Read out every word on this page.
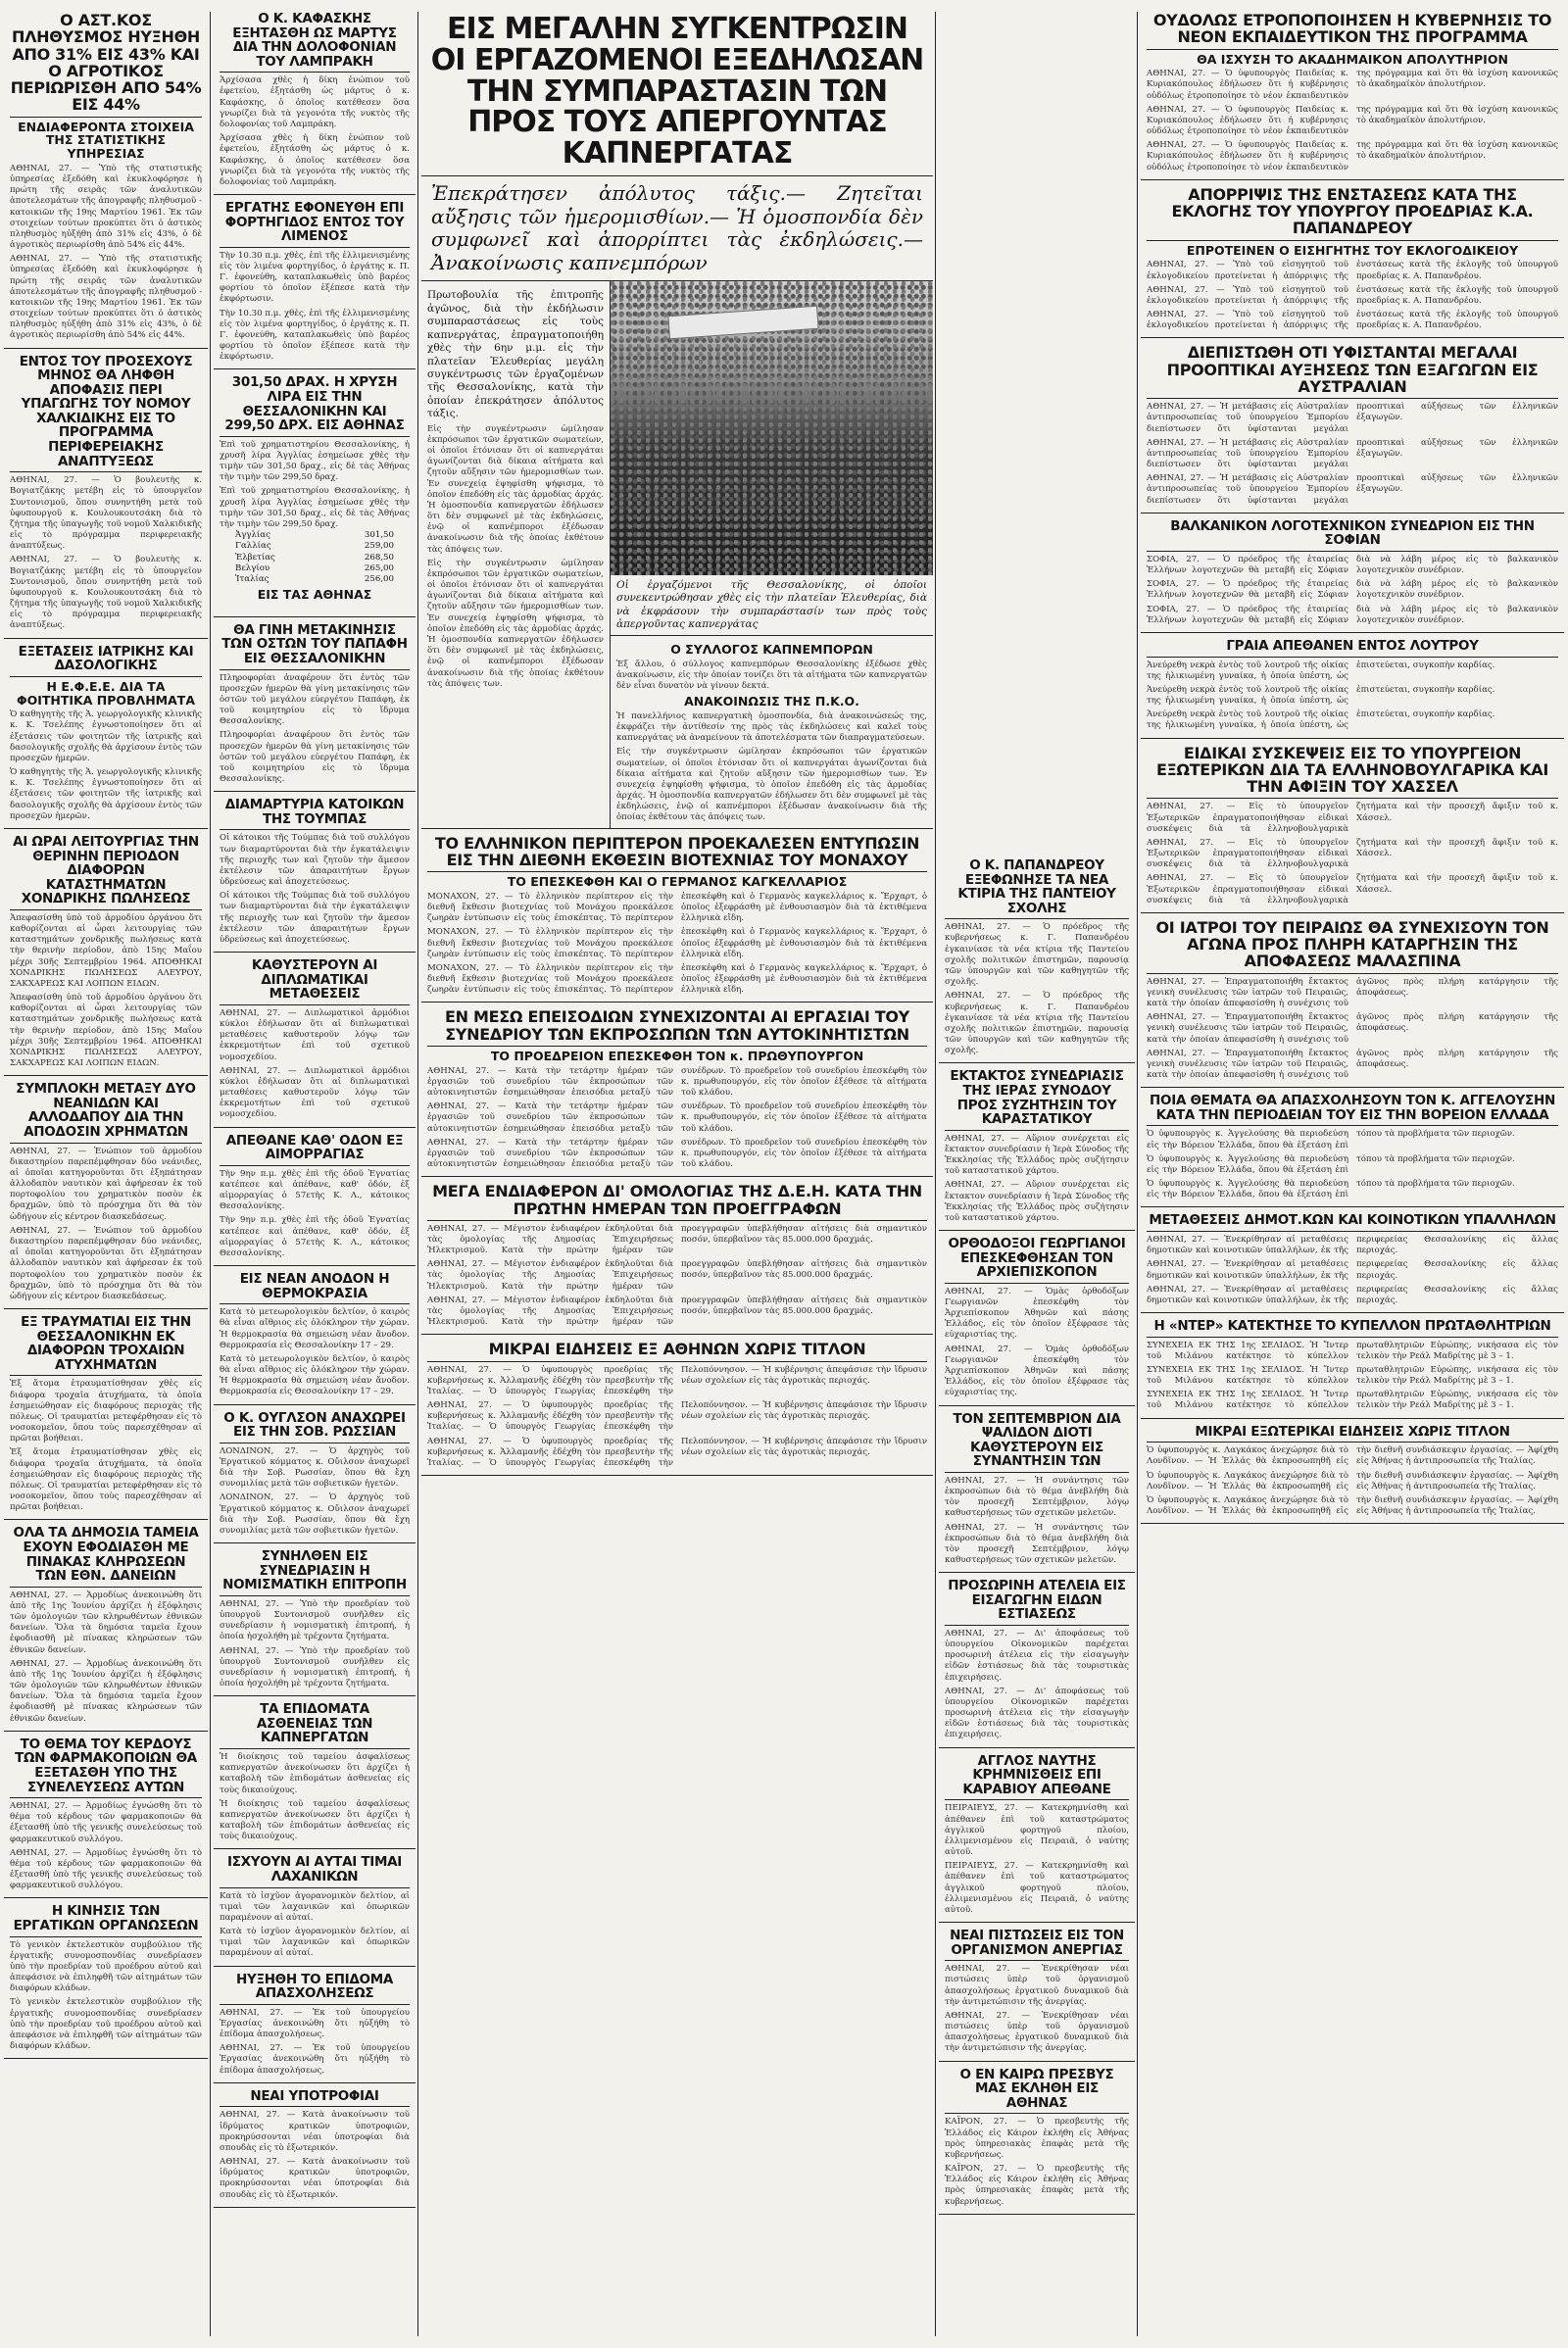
Ο ΑΣΤ.ΚΟΣ ΠΛΗΘΥΣΜΟΣ ΗΥΞΗΘΗ ΑΠΟ 31% ΕΙΣ 43% ΚΑΙ Ο ΑΓΡΟΤΙΚΟΣ ΠΕΡΙΩΡΙΣΘΗ ΑΠΟ 54% ΕΙΣ 44%
ΕΝΔΙΑΦΕΡΟΝΤΑ ΣΤΟΙΧΕΙΑ ΤΗΣ ΣΤΑΤΙΣΤΙΚΗΣ ΥΠΗΡΕΣΙΑΣ
ΑΘΗΝΑΙ, 27. — Ὑπὸ τῆς στατιστικῆς ὑπηρεσίας ἐξεδόθη καὶ ἐκυκλοφόρησε ἡ πρώτη τῆς σειρᾶς τῶν ἀναλυτικῶν ἀποτελεσμάτων τῆς ἀπογραφῆς πληθυσμοῦ - κατοικιῶν τῆς 19ης Μαρτίου 1961. Ἐκ τῶν στοιχείων τούτων προκύπτει ὅτι ὁ ἀστικὸς πληθυσμὸς ηὐξήθη ἀπὸ 31% εἰς 43%, ὁ δὲ ἀγροτικὸς περιωρίσθη ἀπὸ 54% εἰς 44%.
ΑΘΗΝΑΙ, 27. — Ὑπὸ τῆς στατιστικῆς ὑπηρεσίας ἐξεδόθη καὶ ἐκυκλοφόρησε ἡ πρώτη τῆς σειρᾶς τῶν ἀναλυτικῶν ἀποτελεσμάτων τῆς ἀπογραφῆς πληθυσμοῦ - κατοικιῶν τῆς 19ης Μαρτίου 1961. Ἐκ τῶν στοιχείων τούτων προκύπτει ὅτι ὁ ἀστικὸς πληθυσμὸς ηὐξήθη ἀπὸ 31% εἰς 43%, ὁ δὲ ἀγροτικὸς περιωρίσθη ἀπὸ 54% εἰς 44%.
ΕΝΤΟΣ ΤΟΥ ΠΡΟΣΕΧΟΥΣ ΜΗΝΟΣ ΘΑ ΛΗΦΘΗ ΑΠΟΦΑΣΙΣ ΠΕΡΙ ΥΠΑΓΩΓΗΣ ΤΟΥ ΝΟΜΟΥ ΧΑΛΚΙΔΙΚΗΣ ΕΙΣ ΤΟ ΠΡΟΓΡΑΜΜΑ ΠΕΡΙΦΕΡΕΙΑΚΗΣ ΑΝΑΠΤΥΞΕΩΣ
ΑΘΗΝΑΙ, 27. — Ὁ βουλευτὴς κ. Βογιατζάκης μετέβη εἰς τὸ ὑπουργεῖον Συντονισμοῦ, ὅπου συνηντήθη μετὰ τοῦ ὑφυπουργοῦ κ. Κουλουκουτσάκη διὰ τὸ ζήτημα τῆς ὑπαγωγῆς τοῦ νομοῦ Χαλκιδικῆς εἰς τὸ πρόγραμμα περιφερειακῆς ἀναπτύξεως.
ΑΘΗΝΑΙ, 27. — Ὁ βουλευτὴς κ. Βογιατζάκης μετέβη εἰς τὸ ὑπουργεῖον Συντονισμοῦ, ὅπου συνηντήθη μετὰ τοῦ ὑφυπουργοῦ κ. Κουλουκουτσάκη διὰ τὸ ζήτημα τῆς ὑπαγωγῆς τοῦ νομοῦ Χαλκιδικῆς εἰς τὸ πρόγραμμα περιφερειακῆς ἀναπτύξεως.
ΕΞΕΤΑΣΕΙΣ ΙΑΤΡΙΚΗΣ ΚΑΙ ΔΑΣΟΛΟΓΙΚΗΣ
Η Ε.Φ.Ε.Ε. ΔΙΑ ΤΑ ΦΟΙΤΗΤΙΚΑ ΠΡΟΒΛΗΜΑΤΑ
Ὁ καθηγητὴς τῆς Ἀ. γεωργολογικῆς κλινικῆς κ. Κ. Τσελέπης ἐγνωστοποίησεν ὅτι αἱ ἐξετάσεις τῶν φοιτητῶν τῆς ἰατρικῆς καὶ δασολογικῆς σχολῆς θὰ ἀρχίσουν ἐντὸς τῶν προσεχῶν ἡμερῶν.
Ὁ καθηγητὴς τῆς Ἀ. γεωργολογικῆς κλινικῆς κ. Κ. Τσελέπης ἐγνωστοποίησεν ὅτι αἱ ἐξετάσεις τῶν φοιτητῶν τῆς ἰατρικῆς καὶ δασολογικῆς σχολῆς θὰ ἀρχίσουν ἐντὸς τῶν προσεχῶν ἡμερῶν.
ΑΙ ΩΡΑΙ ΛΕΙΤΟΥΡΓΙΑΣ ΤΗΝ ΘΕΡΙΝΗΝ ΠΕΡΙΟΔΟΝ ΔΙΑΦΟΡΩΝ ΚΑΤΑΣΤΗΜΑΤΩΝ ΧΟΝΔΡΙΚΗΣ ΠΩΛΗΣΕΩΣ
Ἀπεφασίσθη ὑπὸ τοῦ ἀρμοδίου ὀργάνου ὅτι καθορίζονται αἱ ὧραι λειτουργίας τῶν καταστημάτων χονδρικῆς πωλήσεως κατὰ τὴν θερινὴν περίοδον, ἀπὸ 15ης Μαΐου μέχρι 30ῆς Σεπτεμβρίου 1964. ΑΠΟΘΗΚΑΙ ΧΟΝΔΡΙΚΗΣ ΠΩΛΗΣΕΩΣ ΑΛΕΥΡΟΥ, ΣΑΚΧΑΡΕΩΣ ΚΑΙ ΛΟΙΠΩΝ ΕΙΔΩΝ.
Ἀπεφασίσθη ὑπὸ τοῦ ἀρμοδίου ὀργάνου ὅτι καθορίζονται αἱ ὧραι λειτουργίας τῶν καταστημάτων χονδρικῆς πωλήσεως κατὰ τὴν θερινὴν περίοδον, ἀπὸ 15ης Μαΐου μέχρι 30ῆς Σεπτεμβρίου 1964. ΑΠΟΘΗΚΑΙ ΧΟΝΔΡΙΚΗΣ ΠΩΛΗΣΕΩΣ ΑΛΕΥΡΟΥ, ΣΑΚΧΑΡΕΩΣ ΚΑΙ ΛΟΙΠΩΝ ΕΙΔΩΝ.
ΣΥΜΠΛΟΚΗ ΜΕΤΑΞΥ ΔΥΟ ΝΕΑΝΙΔΩΝ ΚΑΙ ΑΛΛΟΔΑΠΟΥ ΔΙΑ ΤΗΝ ΑΠΟΔΟΣΙΝ ΧΡΗΜΑΤΩΝ
ΑΘΗΝΑΙ, 27. — Ἐνώπιον τοῦ ἀρμοδίου δικαστηρίου παρεπέμφθησαν δύο νεάνιδες, αἱ ὁποῖαι κατηγοροῦνται ὅτι ἐξηπάτησαν ἀλλοδαπὸν ναυτικὸν καὶ ἀφήρεσαν ἐκ τοῦ πορτοφολίου του χρηματικὸν ποσὸν ἐκ δραχμῶν, ὑπὸ τὸ πρόσχημα ὅτι θὰ τὸν ὡδήγουν εἰς κέντρον διασκεδάσεως.
ΑΘΗΝΑΙ, 27. — Ἐνώπιον τοῦ ἀρμοδίου δικαστηρίου παρεπέμφθησαν δύο νεάνιδες, αἱ ὁποῖαι κατηγοροῦνται ὅτι ἐξηπάτησαν ἀλλοδαπὸν ναυτικὸν καὶ ἀφήρεσαν ἐκ τοῦ πορτοφολίου του χρηματικὸν ποσὸν ἐκ δραχμῶν, ὑπὸ τὸ πρόσχημα ὅτι θὰ τὸν ὡδήγουν εἰς κέντρον διασκεδάσεως.
ΕΞ ΤΡΑΥΜΑΤΙΑΙ ΕΙΣ ΤΗΝ ΘΕΣΣΑΛΟΝΙΚΗΝ ΕΚ ΔΙΑΦΟΡΩΝ ΤΡΟΧΑΙΩΝ ΑΤΥΧΗΜΑΤΩΝ
Ἐξ ἄτομα ἐτραυματίσθησαν χθὲς εἰς διάφορα τροχαῖα ἀτυχήματα, τὰ ὁποῖα ἐσημειώθησαν εἰς διαφόρους περιοχὰς τῆς πόλεως. Οἱ τραυματίαι μετεφέρθησαν εἰς τὸ νοσοκομεῖον, ὅπου τοὺς παρεσχέθησαν αἱ πρῶται βοήθειαι.
Ἐξ ἄτομα ἐτραυματίσθησαν χθὲς εἰς διάφορα τροχαῖα ἀτυχήματα, τὰ ὁποῖα ἐσημειώθησαν εἰς διαφόρους περιοχὰς τῆς πόλεως. Οἱ τραυματίαι μετεφέρθησαν εἰς τὸ νοσοκομεῖον, ὅπου τοὺς παρεσχέθησαν αἱ πρῶται βοήθειαι.
ΟΛΑ ΤΑ ΔΗΜΟΣΙΑ ΤΑΜΕΙΑ ΕΧΟΥΝ ΕΦΟΔΙΑΣΘΗ ΜΕ ΠΙΝΑΚΑΣ ΚΛΗΡΩΣΕΩΝ ΤΩΝ ΕΘΝ. ΔΑΝΕΙΩΝ
ΑΘΗΝΑΙ, 27. — Ἀρμοδίως ἀνεκοινώθη ὅτι ἀπὸ τῆς 1ης Ἰουνίου ἀρχίζει ἡ ἐξόφλησις τῶν ὁμολογιῶν τῶν κληρωθέντων ἐθνικῶν δανείων. Ὅλα τὰ δημόσια ταμεῖα ἔχουν ἐφοδιασθῆ μὲ πίνακας κληρώσεων τῶν ἐθνικῶν δανείων.
ΑΘΗΝΑΙ, 27. — Ἀρμοδίως ἀνεκοινώθη ὅτι ἀπὸ τῆς 1ης Ἰουνίου ἀρχίζει ἡ ἐξόφλησις τῶν ὁμολογιῶν τῶν κληρωθέντων ἐθνικῶν δανείων. Ὅλα τὰ δημόσια ταμεῖα ἔχουν ἐφοδιασθῆ μὲ πίνακας κληρώσεων τῶν ἐθνικῶν δανείων.
ΤΟ ΘΕΜΑ ΤΟΥ ΚΕΡΔΟΥΣ ΤΩΝ ΦΑΡΜΑΚΟΠΟΙΩΝ ΘΑ ΕΞΕΤΑΣΘΗ ΥΠΟ ΤΗΣ ΣΥΝΕΛΕΥΣΕΩΣ ΑΥΤΩΝ
ΑΘΗΝΑΙ, 27. — Ἀρμοδίως ἐγνώσθη ὅτι τὸ θέμα τοῦ κέρδους τῶν φαρμακοποιῶν θὰ ἐξετασθῆ ὑπὸ τῆς γενικῆς συνελεύσεως τοῦ φαρμακευτικοῦ συλλόγου.
ΑΘΗΝΑΙ, 27. — Ἀρμοδίως ἐγνώσθη ὅτι τὸ θέμα τοῦ κέρδους τῶν φαρμακοποιῶν θὰ ἐξετασθῆ ὑπὸ τῆς γενικῆς συνελεύσεως τοῦ φαρμακευτικοῦ συλλόγου.
Η ΚΙΝΗΣΙΣ ΤΩΝ ΕΡΓΑΤΙΚΩΝ ΟΡΓΑΝΩΣΕΩΝ
Τὸ γενικὸν ἐκτελεστικὸν συμβούλιον τῆς ἐργατικῆς συνομοσπονδίας συνεδρίασεν ὑπὸ τὴν προεδρίαν τοῦ προέδρου αὐτοῦ καὶ ἀπεφάσισε νὰ ἐπιληφθῆ τῶν αἰτημάτων τῶν διαφόρων κλάδων.
Τὸ γενικὸν ἐκτελεστικὸν συμβούλιον τῆς ἐργατικῆς συνομοσπονδίας συνεδρίασεν ὑπὸ τὴν προεδρίαν τοῦ προέδρου αὐτοῦ καὶ ἀπεφάσισε νὰ ἐπιληφθῆ τῶν αἰτημάτων τῶν διαφόρων κλάδων.
Ο Κ. ΚΑΦΑΣΚΗΣ ΕΞΗΤΑΣΘΗ ΩΣ ΜΑΡΤΥΣ ΔΙΑ ΤΗΝ ΔΟΛΟΦΟΝΙΑΝ ΤΟΥ ΛΑΜΠΡΑΚΗ
Ἀρχίσασα χθὲς ἡ δίκη ἐνώπιον τοῦ ἐφετείου, ἐξητάσθη ὡς μάρτυς ὁ κ. Καφάσκης, ὁ ὁποῖος κατέθεσεν ὅσα γνωρίζει διὰ τὰ γεγονότα τῆς νυκτὸς τῆς δολοφονίας τοῦ Λαμπράκη.
Ἀρχίσασα χθὲς ἡ δίκη ἐνώπιον τοῦ ἐφετείου, ἐξητάσθη ὡς μάρτυς ὁ κ. Καφάσκης, ὁ ὁποῖος κατέθεσεν ὅσα γνωρίζει διὰ τὰ γεγονότα τῆς νυκτὸς τῆς δολοφονίας τοῦ Λαμπράκη.
ΕΡΓΑΤΗΣ ΕΦΟΝΕΥΘΗ ΕΠΙ ΦΟΡΤΗΓΙΔΟΣ ΕΝΤΟΣ ΤΟΥ ΛΙΜΕΝΟΣ
Τὴν 10.30 π.μ. χθὲς, ἐπὶ τῆς ἐλλιμενισμένης εἰς τὸν λιμένα φορτηγίδος, ὁ ἐργάτης κ. Π. Γ. ἐφονεύθη, καταπλακωθεὶς ὑπὸ βαρέος φορτίου τὸ ὁποῖον ἐξέπεσε κατὰ τὴν ἐκφόρτωσιν.
Τὴν 10.30 π.μ. χθὲς, ἐπὶ τῆς ἐλλιμενισμένης εἰς τὸν λιμένα φορτηγίδος, ὁ ἐργάτης κ. Π. Γ. ἐφονεύθη, καταπλακωθεὶς ὑπὸ βαρέος φορτίου τὸ ὁποῖον ἐξέπεσε κατὰ τὴν ἐκφόρτωσιν.
301,50 ΔΡΑΧ. Η ΧΡΥΣΗ ΛΙΡΑ ΕΙΣ ΤΗΝ ΘΕΣΣΑΛΟΝΙΚΗΝ ΚΑΙ 299,50 ΔΡΧ. ΕΙΣ ΑΘΗΝΑΣ
Ἐπὶ τοῦ χρηματιστηρίου Θεσσαλονίκης, ἡ χρυσῆ λίρα Ἀγγλίας ἐσημείωσε χθὲς τὴν τιμὴν τῶν 301,50 δραχ., εἰς δὲ τὰς Ἀθήνας τὴν τιμὴν τῶν 299,50 δραχ.
Ἐπὶ τοῦ χρηματιστηρίου Θεσσαλονίκης, ἡ χρυσῆ λίρα Ἀγγλίας ἐσημείωσε χθὲς τὴν τιμὴν τῶν 301,50 δραχ., εἰς δὲ τὰς Ἀθήνας τὴν τιμὴν τῶν 299,50 δραχ.
Ἀγγλίας	301,50
Γαλλίας	259,00
Ἑλβετίας	268,50
Βελγίου	265,00
Ἰταλίας	256,00
ΕΙΣ ΤΑΣ ΑΘΗΝΑΣ
ΘΑ ΓΙΝΗ ΜΕΤΑΚΙΝΗΣΙΣ ΤΩΝ ΟΣΤΩΝ ΤΟΥ ΠΑΠΑΦΗ ΕΙΣ ΘΕΣΣΑΛΟΝΙΚΗΝ
Πληροφορίαι ἀναφέρουν ὅτι ἐντὸς τῶν προσεχῶν ἡμερῶν θὰ γίνη μετακίνησις τῶν ὀστῶν τοῦ μεγάλου εὐεργέτου Παπάφη, ἐκ τοῦ κοιμητηρίου εἰς τὸ ἵδρυμα Θεσσαλονίκης.
Πληροφορίαι ἀναφέρουν ὅτι ἐντὸς τῶν προσεχῶν ἡμερῶν θὰ γίνη μετακίνησις τῶν ὀστῶν τοῦ μεγάλου εὐεργέτου Παπάφη, ἐκ τοῦ κοιμητηρίου εἰς τὸ ἵδρυμα Θεσσαλονίκης.
ΔΙΑΜΑΡΤΥΡΙΑ ΚΑΤΟΙΚΩΝ ΤΗΣ ΤΟΥΜΠΑΣ
Οἱ κάτοικοι τῆς Τούμπας διὰ τοῦ συλλόγου των διαμαρτύρονται διὰ τὴν ἐγκατάλειψιν τῆς περιοχῆς των καὶ ζητοῦν τὴν ἄμεσον ἐκτέλεσιν τῶν ἀπαραιτήτων ἔργων ὑδρεύσεως καὶ ἀποχετεύσεως.
Οἱ κάτοικοι τῆς Τούμπας διὰ τοῦ συλλόγου των διαμαρτύρονται διὰ τὴν ἐγκατάλειψιν τῆς περιοχῆς των καὶ ζητοῦν τὴν ἄμεσον ἐκτέλεσιν τῶν ἀπαραιτήτων ἔργων ὑδρεύσεως καὶ ἀποχετεύσεως.
ΚΑΘΥΣΤΕΡΟΥΝ ΑΙ ΔΙΠΛΩΜΑΤΙΚΑΙ ΜΕΤΑΘΕΣΕΙΣ
ΑΘΗΝΑΙ, 27. — Διπλωματικοὶ ἀρμόδιοι κύκλοι ἐδήλωσαν ὅτι αἱ διπλωματικαὶ μεταθέσεις καθυστεροῦν λόγῳ τῶν ἐκκρεμοτήτων ἐπὶ τοῦ σχετικοῦ νομοσχεδίου.
ΑΘΗΝΑΙ, 27. — Διπλωματικοὶ ἀρμόδιοι κύκλοι ἐδήλωσαν ὅτι αἱ διπλωματικαὶ μεταθέσεις καθυστεροῦν λόγῳ τῶν ἐκκρεμοτήτων ἐπὶ τοῦ σχετικοῦ νομοσχεδίου.
ΑΠΕΘΑΝΕ ΚΑΘ' ΟΔΟΝ ΕΞ ΑΙΜΟΡΡΑΓΙΑΣ
Τὴν 9ην π.μ. χθὲς ἐπὶ τῆς ὁδοῦ Ἐγνατίας κατέπεσε καὶ ἀπέθανε, καθ' ὁδόν, ἐξ αἱμορραγίας ὁ 57ετὴς Κ. Λ., κάτοικος Θεσσαλονίκης.
Τὴν 9ην π.μ. χθὲς ἐπὶ τῆς ὁδοῦ Ἐγνατίας κατέπεσε καὶ ἀπέθανε, καθ' ὁδόν, ἐξ αἱμορραγίας ὁ 57ετὴς Κ. Λ., κάτοικος Θεσσαλονίκης.
ΕΙΣ ΝΕΑΝ ΑΝΟΔΟΝ Η ΘΕΡΜΟΚΡΑΣΙΑ
Κατὰ τὸ μετεωρολογικὸν δελτίον, ὁ καιρὸς θὰ εἶναι αἴθριος εἰς ὁλόκληρον τὴν χώραν. Ἡ θερμοκρασία θὰ σημειώση νέαν ἄνοδον. Θερμοκρασία εἰς Θεσσαλονίκην 17 – 29.
Κατὰ τὸ μετεωρολογικὸν δελτίον, ὁ καιρὸς θὰ εἶναι αἴθριος εἰς ὁλόκληρον τὴν χώραν. Ἡ θερμοκρασία θὰ σημειώση νέαν ἄνοδον. Θερμοκρασία εἰς Θεσσαλονίκην 17 – 29.
Ο Κ. ΟΥΓΛΣΟΝ ΑΝΑΧΩΡΕΙ ΕΙΣ ΤΗΝ ΣΟΒ. ΡΩΣΣΙΑΝ
ΛΟΝΔΙΝΟΝ, 27. — Ὁ ἀρχηγὸς τοῦ Ἐργατικοῦ κόμματος κ. Οὔιλσον ἀναχωρεῖ διὰ τὴν Σοβ. Ρωσσίαν, ὅπου θὰ ἔχη συνομιλίας μετὰ τῶν σοβιετικῶν ἡγετῶν.
ΛΟΝΔΙΝΟΝ, 27. — Ὁ ἀρχηγὸς τοῦ Ἐργατικοῦ κόμματος κ. Οὔιλσον ἀναχωρεῖ διὰ τὴν Σοβ. Ρωσσίαν, ὅπου θὰ ἔχη συνομιλίας μετὰ τῶν σοβιετικῶν ἡγετῶν.
ΣΥΝΗΛΘΕΝ ΕΙΣ ΣΥΝΕΔΡΙΑΣΙΝ Η ΝΟΜΙΣΜΑΤΙΚΗ ΕΠΙΤΡΟΠΗ
ΑΘΗΝΑΙ, 27. — Ὑπὸ τὴν προεδρίαν τοῦ ὑπουργοῦ Συντονισμοῦ συνῆλθεν εἰς συνεδρίασιν ἡ νομισματικὴ ἐπιτροπή, ἡ ὁποία ἠσχολήθη μὲ τρέχοντα ζητήματα.
ΑΘΗΝΑΙ, 27. — Ὑπὸ τὴν προεδρίαν τοῦ ὑπουργοῦ Συντονισμοῦ συνῆλθεν εἰς συνεδρίασιν ἡ νομισματικὴ ἐπιτροπή, ἡ ὁποία ἠσχολήθη μὲ τρέχοντα ζητήματα.
ΤΑ ΕΠΙΔΟΜΑΤΑ ΑΣΘΕΝΕΙΑΣ ΤΩΝ ΚΑΠΝΕΡΓΑΤΩΝ
Ἡ διοίκησις τοῦ ταμείου ἀσφαλίσεως καπνεργατῶν ἀνεκοίνωσεν ὅτι ἀρχίζει ἡ καταβολὴ τῶν ἐπιδομάτων ἀσθενείας εἰς τοὺς δικαιούχους.
Ἡ διοίκησις τοῦ ταμείου ἀσφαλίσεως καπνεργατῶν ἀνεκοίνωσεν ὅτι ἀρχίζει ἡ καταβολὴ τῶν ἐπιδομάτων ἀσθενείας εἰς τοὺς δικαιούχους.
ΙΣΧΥΟΥΝ ΑΙ ΑΥΤΑΙ ΤΙΜΑΙ ΛΑΧΑΝΙΚΩΝ
Κατὰ τὸ ἰσχῦον ἀγορανομικὸν δελτίον, αἱ τιμαὶ τῶν λαχανικῶν καὶ ὀπωρικῶν παραμένουν αἱ αὐταί.
Κατὰ τὸ ἰσχῦον ἀγορανομικὸν δελτίον, αἱ τιμαὶ τῶν λαχανικῶν καὶ ὀπωρικῶν παραμένουν αἱ αὐταί.
ΗΥΞΗΘΗ ΤΟ ΕΠΙΔΟΜΑ ΑΠΑΣΧΟΛΗΣΕΩΣ
ΑΘΗΝΑΙ, 27. — Ἐκ τοῦ ὑπουργείου Ἐργασίας ἀνεκοινώθη ὅτι ηὐξήθη τὸ ἐπίδομα ἀπασχολήσεως.
ΑΘΗΝΑΙ, 27. — Ἐκ τοῦ ὑπουργείου Ἐργασίας ἀνεκοινώθη ὅτι ηὐξήθη τὸ ἐπίδομα ἀπασχολήσεως.
ΝΕΑΙ ΥΠΟΤΡΟΦΙΑΙ
ΑΘΗΝΑΙ, 27. — Κατὰ ἀνακοίνωσιν τοῦ ἱδρύματος κρατικῶν ὑποτροφιῶν, προκηρύσσονται νέαι ὑποτροφίαι διὰ σπουδὰς εἰς τὸ ἐξωτερικόν.
ΑΘΗΝΑΙ, 27. — Κατὰ ἀνακοίνωσιν τοῦ ἱδρύματος κρατικῶν ὑποτροφιῶν, προκηρύσσονται νέαι ὑποτροφίαι διὰ σπουδὰς εἰς τὸ ἐξωτερικόν.
ΕΙΣ ΜΕΓΑΛΗΝ ΣΥΓΚΕΝΤΡΩΣΙΝ ΟΙ ΕΡΓΑΖΟΜΕΝΟΙ ΕΞΕΔΗΛΩΣΑΝ ΤΗΝ ΣΥΜΠΑΡΑΣΤΑΣΙΝ ΤΩΝ ΠΡΟΣ ΤΟΥΣ ΑΠΕΡΓΟΥΝΤΑΣ ΚΑΠΝΕΡΓΑΤΑΣ
Ἐπεκράτησεν ἀπόλυτος τάξις.— Ζητεῖται αὔξησις τῶν ἡμερομισθίων.— Ἡ ὁμοσπονδία δὲν συμφωνεῖ καὶ ἀπορρίπτει τὰς ἐκδηλώσεις.— Ἀνακοίνωσις καπνεμπόρων
Πρωτοβουλία τῆς ἐπιτροπῆς ἀγῶνος, διὰ τὴν ἐκδήλωσιν συμπαραστάσεως εἰς τοὺς καπνεργάτας, ἐπραγματοποιήθη χθὲς τὴν 6ην μ.μ. εἰς τὴν πλατεῖαν Ἐλευθερίας μεγάλη συγκέντρωσις τῶν ἐργαζομένων τῆς Θεσσαλονίκης, κατὰ τὴν ὁποίαν ἐπεκράτησεν ἀπόλυτος τάξις.
Εἰς τὴν συγκέντρωσιν ὡμίλησαν ἐκπρόσωποι τῶν ἐργατικῶν σωματείων, οἱ ὁποῖοι ἐτόνισαν ὅτι οἱ καπνεργάται ἀγωνίζονται διὰ δίκαια αἰτήματα καὶ ζητοῦν αὔξησιν τῶν ἡμερομισθίων των. Ἐν συνεχείᾳ ἐψηφίσθη ψήφισμα, τὸ ὁποῖον ἐπεδόθη εἰς τὰς ἀρμοδίας ἀρχάς. Ἡ ὁμοσπονδία καπνεργατῶν ἐδήλωσεν ὅτι δὲν συμφωνεῖ μὲ τὰς ἐκδηλώσεις, ἐνῷ οἱ καπνέμποροι ἐξέδωσαν ἀνακοίνωσιν διὰ τῆς ὁποίας ἐκθέτουν τὰς ἀπόψεις των.
Εἰς τὴν συγκέντρωσιν ὡμίλησαν ἐκπρόσωποι τῶν ἐργατικῶν σωματείων, οἱ ὁποῖοι ἐτόνισαν ὅτι οἱ καπνεργάται ἀγωνίζονται διὰ δίκαια αἰτήματα καὶ ζητοῦν αὔξησιν τῶν ἡμερομισθίων των. Ἐν συνεχείᾳ ἐψηφίσθη ψήφισμα, τὸ ὁποῖον ἐπεδόθη εἰς τὰς ἀρμοδίας ἀρχάς. Ἡ ὁμοσπονδία καπνεργατῶν ἐδήλωσεν ὅτι δὲν συμφωνεῖ μὲ τὰς ἐκδηλώσεις, ἐνῷ οἱ καπνέμποροι ἐξέδωσαν ἀνακοίνωσιν διὰ τῆς ὁποίας ἐκθέτουν τὰς ἀπόψεις των.
Οἱ ἐργαζόμενοι τῆς Θεσσαλονίκης, οἱ ὁποῖοι συνεκεντρώθησαν χθὲς εἰς τὴν πλατεῖαν Ἐλευθερίας, διὰ νὰ ἐκφράσουν τὴν συμπαράστασίν των πρὸς τοὺς ἀπεργοῦντας καπνεργάτας
Ο ΣΥΛΛΟΓΟΣ ΚΑΠΝΕΜΠΟΡΩΝ
Ἐξ ἄλλου, ὁ σύλλογος καπνεμπόρων Θεσσαλονίκης ἐξέδωσε χθὲς ἀνακοίνωσιν, εἰς τὴν ὁποίαν τονίζει ὅτι τὰ αἰτήματα τῶν καπνεργατῶν δὲν εἶναι δυνατὸν νὰ γίνουν δεκτά.
ΑΝΑΚΟΙΝΩΣΙΣ ΤΗΣ Π.Κ.Ο.
Ἡ πανελλήνιος καπνεργατικὴ ὁμοσπονδία, διὰ ἀνακοινώσεώς της, ἐκφράζει τὴν ἀντίθεσίν της πρὸς τὰς ἐκδηλώσεις καὶ καλεῖ τοὺς καπνεργάτας νὰ ἀναμείνουν τὰ ἀποτελέσματα τῶν διαπραγματεύσεων.
Εἰς τὴν συγκέντρωσιν ὡμίλησαν ἐκπρόσωποι τῶν ἐργατικῶν σωματείων, οἱ ὁποῖοι ἐτόνισαν ὅτι οἱ καπνεργάται ἀγωνίζονται διὰ δίκαια αἰτήματα καὶ ζητοῦν αὔξησιν τῶν ἡμερομισθίων των. Ἐν συνεχείᾳ ἐψηφίσθη ψήφισμα, τὸ ὁποῖον ἐπεδόθη εἰς τὰς ἀρμοδίας ἀρχάς. Ἡ ὁμοσπονδία καπνεργατῶν ἐδήλωσεν ὅτι δὲν συμφωνεῖ μὲ τὰς ἐκδηλώσεις, ἐνῷ οἱ καπνέμποροι ἐξέδωσαν ἀνακοίνωσιν διὰ τῆς ὁποίας ἐκθέτουν τὰς ἀπόψεις των.
ΤΟ ΕΛΛΗΝΙΚΟΝ ΠΕΡΙΠΤΕΡΟΝ ΠΡΟΕΚΑΛΕΣΕΝ ΕΝΤΥΠΩΣΙΝ ΕΙΣ ΤΗΝ ΔΙΕΘΝΗ ΕΚΘΕΣΙΝ ΒΙΟΤΕΧΝΙΑΣ ΤΟΥ ΜΟΝΑΧΟΥ
ΤΟ ΕΠΕΣΚΕΦΘΗ ΚΑΙ Ο ΓΕΡΜΑΝΟΣ ΚΑΓΚΕΛΛΑΡΙΟΣ
ΜΟΝΑΧΟΝ, 27. — Τὸ ἑλληνικὸν περίπτερον εἰς τὴν διεθνῆ ἔκθεσιν βιοτεχνίας τοῦ Μονάχου προεκάλεσε ζωηρὰν ἐντύπωσιν εἰς τοὺς ἐπισκέπτας. Τὸ περίπτερον ἐπεσκέφθη καὶ ὁ Γερμανὸς καγκελλάριος κ. Ἔρχαρτ, ὁ ὁποῖος ἐξεφράσθη μὲ ἐνθουσιασμὸν διὰ τὰ ἐκτιθέμενα ἑλληνικὰ εἴδη.
ΜΟΝΑΧΟΝ, 27. — Τὸ ἑλληνικὸν περίπτερον εἰς τὴν διεθνῆ ἔκθεσιν βιοτεχνίας τοῦ Μονάχου προεκάλεσε ζωηρὰν ἐντύπωσιν εἰς τοὺς ἐπισκέπτας. Τὸ περίπτερον ἐπεσκέφθη καὶ ὁ Γερμανὸς καγκελλάριος κ. Ἔρχαρτ, ὁ ὁποῖος ἐξεφράσθη μὲ ἐνθουσιασμὸν διὰ τὰ ἐκτιθέμενα ἑλληνικὰ εἴδη.
ΜΟΝΑΧΟΝ, 27. — Τὸ ἑλληνικὸν περίπτερον εἰς τὴν διεθνῆ ἔκθεσιν βιοτεχνίας τοῦ Μονάχου προεκάλεσε ζωηρὰν ἐντύπωσιν εἰς τοὺς ἐπισκέπτας. Τὸ περίπτερον ἐπεσκέφθη καὶ ὁ Γερμανὸς καγκελλάριος κ. Ἔρχαρτ, ὁ ὁποῖος ἐξεφράσθη μὲ ἐνθουσιασμὸν διὰ τὰ ἐκτιθέμενα ἑλληνικὰ εἴδη.
ΕΝ ΜΕΣΩ ΕΠΕΙΣΟΔΙΩΝ ΣΥΝΕΧΙΖΟΝΤΑΙ ΑΙ ΕΡΓΑΣΙΑΙ ΤΟΥ ΣΥΝΕΔΡΙΟΥ ΤΩΝ ΕΚΠΡΟΣΩΠΩΝ ΤΩΝ ΑΥΤΟΚΙΝΗΤΙΣΤΩΝ
ΤΟ ΠΡΟΕΔΡΕΙΟΝ ΕΠΕΣΚΕΦΘΗ ΤΟΝ κ. ΠΡΩΘΥΠΟΥΡΓΟΝ
ΑΘΗΝΑΙ, 27. — Κατὰ τὴν τετάρτην ἡμέραν τῶν ἐργασιῶν τοῦ συνεδρίου τῶν ἐκπροσώπων τῶν αὐτοκινητιστῶν ἐσημειώθησαν ἐπεισόδια μεταξὺ τῶν συνέδρων. Τὸ προεδρεῖον τοῦ συνεδρίου ἐπεσκέφθη τὸν κ. πρωθυπουργόν, εἰς τὸν ὁποῖον ἐξέθεσε τὰ αἰτήματα τοῦ κλάδου.
ΑΘΗΝΑΙ, 27. — Κατὰ τὴν τετάρτην ἡμέραν τῶν ἐργασιῶν τοῦ συνεδρίου τῶν ἐκπροσώπων τῶν αὐτοκινητιστῶν ἐσημειώθησαν ἐπεισόδια μεταξὺ τῶν συνέδρων. Τὸ προεδρεῖον τοῦ συνεδρίου ἐπεσκέφθη τὸν κ. πρωθυπουργόν, εἰς τὸν ὁποῖον ἐξέθεσε τὰ αἰτήματα τοῦ κλάδου.
ΑΘΗΝΑΙ, 27. — Κατὰ τὴν τετάρτην ἡμέραν τῶν ἐργασιῶν τοῦ συνεδρίου τῶν ἐκπροσώπων τῶν αὐτοκινητιστῶν ἐσημειώθησαν ἐπεισόδια μεταξὺ τῶν συνέδρων. Τὸ προεδρεῖον τοῦ συνεδρίου ἐπεσκέφθη τὸν κ. πρωθυπουργόν, εἰς τὸν ὁποῖον ἐξέθεσε τὰ αἰτήματα τοῦ κλάδου.
ΜΕΓΑ ΕΝΔΙΑΦΕΡΟΝ ΔΙ' ΟΜΟΛΟΓΙΑΣ ΤΗΣ Δ.Ε.Η. ΚΑΤΑ ΤΗΝ ΠΡΩΤΗΝ ΗΜΕΡΑΝ ΤΩΝ ΠΡΟΕΓΓΡΑΦΩΝ
ΑΘΗΝΑΙ, 27. — Μέγιστον ἐνδιαφέρον ἐκδηλοῦται διὰ τὰς ὁμολογίας τῆς Δημοσίας Ἐπιχειρήσεως Ἠλεκτρισμοῦ. Κατὰ τὴν πρώτην ἡμέραν τῶν προεγγραφῶν ὑπεβλήθησαν αἰτήσεις διὰ σημαντικὸν ποσόν, ὑπερβαῖνον τὰς 85.000.000 δραχμάς.
ΑΘΗΝΑΙ, 27. — Μέγιστον ἐνδιαφέρον ἐκδηλοῦται διὰ τὰς ὁμολογίας τῆς Δημοσίας Ἐπιχειρήσεως Ἠλεκτρισμοῦ. Κατὰ τὴν πρώτην ἡμέραν τῶν προεγγραφῶν ὑπεβλήθησαν αἰτήσεις διὰ σημαντικὸν ποσόν, ὑπερβαῖνον τὰς 85.000.000 δραχμάς.
ΑΘΗΝΑΙ, 27. — Μέγιστον ἐνδιαφέρον ἐκδηλοῦται διὰ τὰς ὁμολογίας τῆς Δημοσίας Ἐπιχειρήσεως Ἠλεκτρισμοῦ. Κατὰ τὴν πρώτην ἡμέραν τῶν προεγγραφῶν ὑπεβλήθησαν αἰτήσεις διὰ σημαντικὸν ποσόν, ὑπερβαῖνον τὰς 85.000.000 δραχμάς.
ΜΙΚΡΑΙ ΕΙΔΗΣΕΙΣ ΕΞ ΑΘΗΝΩΝ ΧΩΡΙΣ ΤΙΤΛΟΝ
ΑΘΗΝΑΙ, 27. — Ὁ ὑφυπουργὸς προεδρίας τῆς κυβερνήσεως κ. Ἀλλαμανῆς ἐδέχθη τὸν πρεσβευτὴν τῆς Ἱταλίας. — Ὁ ὑπουργὸς Γεωργίας ἐπεσκέφθη τὴν Πελοπόννησον. — Ἡ κυβέρνησις ἀπεφάσισε τὴν ἵδρυσιν νέων σχολείων εἰς τὰς ἀγροτικὰς περιοχάς.
ΑΘΗΝΑΙ, 27. — Ὁ ὑφυπουργὸς προεδρίας τῆς κυβερνήσεως κ. Ἀλλαμανῆς ἐδέχθη τὸν πρεσβευτὴν τῆς Ἱταλίας. — Ὁ ὑπουργὸς Γεωργίας ἐπεσκέφθη τὴν Πελοπόννησον. — Ἡ κυβέρνησις ἀπεφάσισε τὴν ἵδρυσιν νέων σχολείων εἰς τὰς ἀγροτικὰς περιοχάς.
ΑΘΗΝΑΙ, 27. — Ὁ ὑφυπουργὸς προεδρίας τῆς κυβερνήσεως κ. Ἀλλαμανῆς ἐδέχθη τὸν πρεσβευτὴν τῆς Ἱταλίας. — Ὁ ὑπουργὸς Γεωργίας ἐπεσκέφθη τὴν Πελοπόννησον. — Ἡ κυβέρνησις ἀπεφάσισε τὴν ἵδρυσιν νέων σχολείων εἰς τὰς ἀγροτικὰς περιοχάς.
Ο Κ. ΠΑΠΑΝΔΡΕΟΥ ΕΞΕΦΩΝΗΣΕ ΤΑ ΝΕΑ ΚΤΙΡΙΑ ΤΗΣ ΠΑΝΤΕΙΟΥ ΣΧΟΛΗΣ
ΑΘΗΝΑΙ, 27. — Ὁ πρόεδρος τῆς κυβερνήσεως κ. Γ. Παπανδρέου ἐγκαινίασε τὰ νέα κτίρια τῆς Παντείου σχολῆς πολιτικῶν ἐπιστημῶν, παρουσίᾳ τῶν ὑπουργῶν καὶ τῶν καθηγητῶν τῆς σχολῆς.
ΑΘΗΝΑΙ, 27. — Ὁ πρόεδρος τῆς κυβερνήσεως κ. Γ. Παπανδρέου ἐγκαινίασε τὰ νέα κτίρια τῆς Παντείου σχολῆς πολιτικῶν ἐπιστημῶν, παρουσίᾳ τῶν ὑπουργῶν καὶ τῶν καθηγητῶν τῆς σχολῆς.
ΕΚΤΑΚΤΟΣ ΣΥΝΕΔΡΙΑΣΙΣ ΤΗΣ ΙΕΡΑΣ ΣΥΝΟΔΟΥ ΠΡΟΣ ΣΥΖΗΤΗΣΙΝ ΤΟΥ ΚΑΡΑΣΤΑΤΙΚΟΥ
ΑΘΗΝΑΙ, 27. — Αὔριον συνέρχεται εἰς ἔκτακτον συνεδρίασιν ἡ Ἱερὰ Σύνοδος τῆς Ἐκκλησίας τῆς Ἑλλάδος πρὸς συζήτησιν τοῦ καταστατικοῦ χάρτου.
ΑΘΗΝΑΙ, 27. — Αὔριον συνέρχεται εἰς ἔκτακτον συνεδρίασιν ἡ Ἱερὰ Σύνοδος τῆς Ἐκκλησίας τῆς Ἑλλάδος πρὸς συζήτησιν τοῦ καταστατικοῦ χάρτου.
ΟΡΘΟΔΟΞΟΙ ΓΕΩΡΓΙΑΝΟΙ ΕΠΕΣΚΕΦΘΗΣΑΝ ΤΟΝ ΑΡΧΙΕΠΙΣΚΟΠΟΝ
ΑΘΗΝΑΙ, 27. — Ὁμὰς ὀρθοδόξων Γεωργιανῶν ἐπεσκέφθη τὸν Ἀρχιεπίσκοπον Ἀθηνῶν καὶ πάσης Ἑλλάδος, εἰς τὸν ὁποῖον ἐξέφρασε τὰς εὐχαριστίας της.
ΑΘΗΝΑΙ, 27. — Ὁμὰς ὀρθοδόξων Γεωργιανῶν ἐπεσκέφθη τὸν Ἀρχιεπίσκοπον Ἀθηνῶν καὶ πάσης Ἑλλάδος, εἰς τὸν ὁποῖον ἐξέφρασε τὰς εὐχαριστίας της.
ΤΟΝ ΣΕΠΤΕΜΒΡΙΟΝ ΔΙΑ ΨΑΛΙΔΟΝ ΔΙΟΤΙ ΚΑΘΥΣΤΕΡΟΥΝ ΕΙΣ ΣΥΝΑΝΤΗΣΙΝ ΤΩΝ
ΑΘΗΝΑΙ, 27. — Ἡ συνάντησις τῶν ἐκπροσώπων διὰ τὸ θέμα ἀνεβλήθη διὰ τὸν προσεχῆ Σεπτέμβριον, λόγῳ καθυστερήσεως τῶν σχετικῶν μελετῶν.
ΑΘΗΝΑΙ, 27. — Ἡ συνάντησις τῶν ἐκπροσώπων διὰ τὸ θέμα ἀνεβλήθη διὰ τὸν προσεχῆ Σεπτέμβριον, λόγῳ καθυστερήσεως τῶν σχετικῶν μελετῶν.
ΠΡΟΣΩΡΙΝΗ ΑΤΕΛΕΙΑ ΕΙΣ ΕΙΣΑΓΩΓΗΝ ΕΙΔΩΝ ΕΣΤΙΑΣΕΩΣ
ΑΘΗΝΑΙ, 27. — Δι' ἀποφάσεως τοῦ ὑπουργείου Οἰκονομικῶν παρέχεται προσωρινὴ ἀτέλεια εἰς τὴν εἰσαγωγὴν εἰδῶν ἑστιάσεως διὰ τὰς τουριστικὰς ἐπιχειρήσεις.
ΑΘΗΝΑΙ, 27. — Δι' ἀποφάσεως τοῦ ὑπουργείου Οἰκονομικῶν παρέχεται προσωρινὴ ἀτέλεια εἰς τὴν εἰσαγωγὴν εἰδῶν ἑστιάσεως διὰ τὰς τουριστικὰς ἐπιχειρήσεις.
ΑΓΓΛΟΣ ΝΑΥΤΗΣ ΚΡΗΜΝΙΣΘΕΙΣ ΕΠΙ ΚΑΡΑΒΙΟΥ ΑΠΕΘΑΝΕ
ΠΕΙΡΑΙΕΥΣ, 27. — Κατεκρημνίσθη καὶ ἀπέθανεν ἐπὶ τοῦ καταστρώματος ἀγγλικοῦ φορτηγοῦ πλοίου, ἐλλιμενισμένου εἰς Πειραιᾶ, ὁ ναύτης αὐτοῦ.
ΠΕΙΡΑΙΕΥΣ, 27. — Κατεκρημνίσθη καὶ ἀπέθανεν ἐπὶ τοῦ καταστρώματος ἀγγλικοῦ φορτηγοῦ πλοίου, ἐλλιμενισμένου εἰς Πειραιᾶ, ὁ ναύτης αὐτοῦ.
ΝΕΑΙ ΠΙΣΤΩΣΕΙΣ ΕΙΣ ΤΟΝ ΟΡΓΑΝΙΣΜΟΝ ΑΝΕΡΓΙΑΣ
ΑΘΗΝΑΙ, 27. — Ἐνεκρίθησαν νέαι πιστώσεις ὑπὲρ τοῦ ὀργανισμοῦ ἀπασχολήσεως ἐργατικοῦ δυναμικοῦ διὰ τὴν ἀντιμετώπισιν τῆς ἀνεργίας.
ΑΘΗΝΑΙ, 27. — Ἐνεκρίθησαν νέαι πιστώσεις ὑπὲρ τοῦ ὀργανισμοῦ ἀπασχολήσεως ἐργατικοῦ δυναμικοῦ διὰ τὴν ἀντιμετώπισιν τῆς ἀνεργίας.
Ο ΕΝ ΚΑΙΡΩ ΠΡΕΣΒΥΣ ΜΑΣ ΕΚΛΗΘΗ ΕΙΣ ΑΘΗΝΑΣ
ΚΑΪΡΟΝ, 27. — Ὁ πρεσβευτὴς τῆς Ἑλλάδος εἰς Κάιρον ἐκλήθη εἰς Ἀθήνας πρὸς ὑπηρεσιακὰς ἐπαφὰς μετὰ τῆς κυβερνήσεως.
ΚΑΪΡΟΝ, 27. — Ὁ πρεσβευτὴς τῆς Ἑλλάδος εἰς Κάιρον ἐκλήθη εἰς Ἀθήνας πρὸς ὑπηρεσιακὰς ἐπαφὰς μετὰ τῆς κυβερνήσεως.
ΟΥΔΟΛΩΣ ΕΤΡΟΠΟΠΟΙΗΣΕΝ Η ΚΥΒΕΡΝΗΣΙΣ ΤΟ ΝΕΟΝ ΕΚΠΑΙΔΕΥΤΙΚΟΝ ΤΗΣ ΠΡΟΓΡΑΜΜΑ
ΘΑ ΙΣΧΥΣΗ ΤΟ ΑΚΑΔΗΜΑΙΚΟΝ ΑΠΟΛΥΤΗΡΙΟΝ
ΑΘΗΝΑΙ, 27. — Ὁ ὑφυπουργὸς Παιδείας κ. Κυριακόπουλος ἐδήλωσεν ὅτι ἡ κυβέρνησις οὐδόλως ἐτροποποίησε τὸ νέον ἐκπαιδευτικὸν της πρόγραμμα καὶ ὅτι θὰ ἰσχύση κανονικῶς τὸ ἀκαδημαϊκὸν ἀπολυτήριον.
ΑΘΗΝΑΙ, 27. — Ὁ ὑφυπουργὸς Παιδείας κ. Κυριακόπουλος ἐδήλωσεν ὅτι ἡ κυβέρνησις οὐδόλως ἐτροποποίησε τὸ νέον ἐκπαιδευτικὸν της πρόγραμμα καὶ ὅτι θὰ ἰσχύση κανονικῶς τὸ ἀκαδημαϊκὸν ἀπολυτήριον.
ΑΘΗΝΑΙ, 27. — Ὁ ὑφυπουργὸς Παιδείας κ. Κυριακόπουλος ἐδήλωσεν ὅτι ἡ κυβέρνησις οὐδόλως ἐτροποποίησε τὸ νέον ἐκπαιδευτικὸν της πρόγραμμα καὶ ὅτι θὰ ἰσχύση κανονικῶς τὸ ἀκαδημαϊκὸν ἀπολυτήριον.
ΑΠΟΡΡΙΨΙΣ ΤΗΣ ΕΝΣΤΑΣΕΩΣ ΚΑΤΑ ΤΗΣ ΕΚΛΟΓΗΣ ΤΟΥ ΥΠΟΥΡΓΟΥ ΠΡΟΕΔΡΙΑΣ Κ.Α. ΠΑΠΑΝΔΡΕΟΥ
ΕΠΡΟΤΕΙΝΕΝ Ο ΕΙΣΗΓΗΤΗΣ ΤΟΥ ΕΚΛΟΓΟΔΙΚΕΙΟΥ
ΑΘΗΝΑΙ, 27. — Ὑπὸ τοῦ εἰσηγητοῦ τοῦ ἐκλογοδικείου προτείνεται ἡ ἀπόρριψις τῆς ἐνστάσεως κατὰ τῆς ἐκλογῆς τοῦ ὑπουργοῦ προεδρίας κ. Α. Παπανδρέου.
ΑΘΗΝΑΙ, 27. — Ὑπὸ τοῦ εἰσηγητοῦ τοῦ ἐκλογοδικείου προτείνεται ἡ ἀπόρριψις τῆς ἐνστάσεως κατὰ τῆς ἐκλογῆς τοῦ ὑπουργοῦ προεδρίας κ. Α. Παπανδρέου.
ΑΘΗΝΑΙ, 27. — Ὑπὸ τοῦ εἰσηγητοῦ τοῦ ἐκλογοδικείου προτείνεται ἡ ἀπόρριψις τῆς ἐνστάσεως κατὰ τῆς ἐκλογῆς τοῦ ὑπουργοῦ προεδρίας κ. Α. Παπανδρέου.
ΔΙΕΠΙΣΤΩΘΗ ΟΤΙ ΥΦΙΣΤΑΝΤΑΙ ΜΕΓΑΛΑΙ ΠΡΟΟΠΤΙΚΑΙ ΑΥΞΗΣΕΩΣ ΤΩΝ ΕΞΑΓΩΓΩΝ ΕΙΣ ΑΥΣΤΡΑΛΙΑΝ
ΑΘΗΝΑΙ, 27. — Ἡ μετάβασις εἰς Αὐστραλίαν ἀντιπροσωπείας τοῦ ὑπουργείου Ἐμπορίου διεπίστωσεν ὅτι ὑφίστανται μεγάλαι προοπτικαὶ αὐξήσεως τῶν ἑλληνικῶν ἐξαγωγῶν.
ΑΘΗΝΑΙ, 27. — Ἡ μετάβασις εἰς Αὐστραλίαν ἀντιπροσωπείας τοῦ ὑπουργείου Ἐμπορίου διεπίστωσεν ὅτι ὑφίστανται μεγάλαι προοπτικαὶ αὐξήσεως τῶν ἑλληνικῶν ἐξαγωγῶν.
ΑΘΗΝΑΙ, 27. — Ἡ μετάβασις εἰς Αὐστραλίαν ἀντιπροσωπείας τοῦ ὑπουργείου Ἐμπορίου διεπίστωσεν ὅτι ὑφίστανται μεγάλαι προοπτικαὶ αὐξήσεως τῶν ἑλληνικῶν ἐξαγωγῶν.
ΒΑΛΚΑΝΙΚΟΝ ΛΟΓΟΤΕΧΝΙΚΟΝ ΣΥΝΕΔΡΙΟΝ ΕΙΣ ΤΗΝ ΣΟΦΙΑΝ
ΣΟΦΙΑ, 27. — Ὁ πρόεδρος τῆς ἑταιρείας Ἑλλήνων λογοτεχνῶν θὰ μεταβῆ εἰς Σόφιαν διὰ νὰ λάβη μέρος εἰς τὸ βαλκανικὸν λογοτεχνικὸν συνέδριον.
ΣΟΦΙΑ, 27. — Ὁ πρόεδρος τῆς ἑταιρείας Ἑλλήνων λογοτεχνῶν θὰ μεταβῆ εἰς Σόφιαν διὰ νὰ λάβη μέρος εἰς τὸ βαλκανικὸν λογοτεχνικὸν συνέδριον.
ΣΟΦΙΑ, 27. — Ὁ πρόεδρος τῆς ἑταιρείας Ἑλλήνων λογοτεχνῶν θὰ μεταβῆ εἰς Σόφιαν διὰ νὰ λάβη μέρος εἰς τὸ βαλκανικὸν λογοτεχνικὸν συνέδριον.
ΓΡΑΙΑ ΑΠΕΘΑΝΕΝ ΕΝΤΟΣ ΛΟΥΤΡΟΥ
Ἀνεύρεθη νεκρὰ ἐντὸς τοῦ λουτροῦ τῆς οἰκίας της ἡλικιωμένη γυναίκα, ἡ ὁποία ὑπέστη, ὡς ἐπιστεύεται, συγκοπὴν καρδίας.
Ἀνεύρεθη νεκρὰ ἐντὸς τοῦ λουτροῦ τῆς οἰκίας της ἡλικιωμένη γυναίκα, ἡ ὁποία ὑπέστη, ὡς ἐπιστεύεται, συγκοπὴν καρδίας.
Ἀνεύρεθη νεκρὰ ἐντὸς τοῦ λουτροῦ τῆς οἰκίας της ἡλικιωμένη γυναίκα, ἡ ὁποία ὑπέστη, ὡς ἐπιστεύεται, συγκοπὴν καρδίας.
ΕΙΔΙΚΑΙ ΣΥΣΚΕΨΕΙΣ ΕΙΣ ΤΟ ΥΠΟΥΡΓΕΙΟΝ ΕΞΩΤΕΡΙΚΩΝ ΔΙΑ ΤΑ ΕΛΛΗΝΟΒΟΥΛΓΑΡΙΚΑ ΚΑΙ ΤΗΝ ΑΦΙΞΙΝ ΤΟΥ ΧΑΣΣΕΛ
ΑΘΗΝΑΙ, 27. — Εἰς τὸ ὑπουργεῖον Ἐξωτερικῶν ἐπραγματοποιήθησαν εἰδικαὶ συσκέψεις διὰ τὰ ἑλληνοβουλγαρικὰ ζητήματα καὶ τὴν προσεχῆ ἄφιξιν τοῦ κ. Χάσσελ.
ΑΘΗΝΑΙ, 27. — Εἰς τὸ ὑπουργεῖον Ἐξωτερικῶν ἐπραγματοποιήθησαν εἰδικαὶ συσκέψεις διὰ τὰ ἑλληνοβουλγαρικὰ ζητήματα καὶ τὴν προσεχῆ ἄφιξιν τοῦ κ. Χάσσελ.
ΑΘΗΝΑΙ, 27. — Εἰς τὸ ὑπουργεῖον Ἐξωτερικῶν ἐπραγματοποιήθησαν εἰδικαὶ συσκέψεις διὰ τὰ ἑλληνοβουλγαρικὰ ζητήματα καὶ τὴν προσεχῆ ἄφιξιν τοῦ κ. Χάσσελ.
ΟΙ ΙΑΤΡΟΙ ΤΟΥ ΠΕΙΡΑΙΩΣ ΘΑ ΣΥΝΕΧΙΣΟΥΝ ΤΟΝ ΑΓΩΝΑ ΠΡΟΣ ΠΛΗΡΗ ΚΑΤΑΡΓΗΣΙΝ ΤΗΣ ΑΠΟΦΑΣΕΩΣ ΜΑΛΑΣΠΙΝΑ
ΑΘΗΝΑΙ, 27. — Ἐπραγματοποιήθη ἔκτακτος γενικὴ συνέλευσις τῶν ἰατρῶν τοῦ Πειραιῶς, κατὰ τὴν ὁποίαν ἀπεφασίσθη ἡ συνέχισις τοῦ ἀγῶνος πρὸς πλήρη κατάργησιν τῆς ἀποφάσεως.
ΑΘΗΝΑΙ, 27. — Ἐπραγματοποιήθη ἔκτακτος γενικὴ συνέλευσις τῶν ἰατρῶν τοῦ Πειραιῶς, κατὰ τὴν ὁποίαν ἀπεφασίσθη ἡ συνέχισις τοῦ ἀγῶνος πρὸς πλήρη κατάργησιν τῆς ἀποφάσεως.
ΑΘΗΝΑΙ, 27. — Ἐπραγματοποιήθη ἔκτακτος γενικὴ συνέλευσις τῶν ἰατρῶν τοῦ Πειραιῶς, κατὰ τὴν ὁποίαν ἀπεφασίσθη ἡ συνέχισις τοῦ ἀγῶνος πρὸς πλήρη κατάργησιν τῆς ἀποφάσεως.
ΠΟΙΑ ΘΕΜΑΤΑ ΘΑ ΑΠΑΣΧΟΛΗΣΟΥΝ ΤΟΝ Κ. ΑΓΓΕΛΟΥΣΗΝ ΚΑΤΑ ΤΗΝ ΠΕΡΙΟΔΕΙΑΝ ΤΟΥ ΕΙΣ ΤΗΝ ΒΟΡΕΙΟΝ ΕΛΛΑΔΑ
Ὁ ὑφυπουργὸς κ. Ἀγγελούσης θὰ περιοδεύση εἰς τὴν Βόρειον Ἑλλάδα, ὅπου θὰ ἐξετάση ἐπὶ τόπου τὰ προβλήματα τῶν περιοχῶν.
Ὁ ὑφυπουργὸς κ. Ἀγγελούσης θὰ περιοδεύση εἰς τὴν Βόρειον Ἑλλάδα, ὅπου θὰ ἐξετάση ἐπὶ τόπου τὰ προβλήματα τῶν περιοχῶν.
Ὁ ὑφυπουργὸς κ. Ἀγγελούσης θὰ περιοδεύση εἰς τὴν Βόρειον Ἑλλάδα, ὅπου θὰ ἐξετάση ἐπὶ τόπου τὰ προβλήματα τῶν περιοχῶν.
ΜΕΤΑΘΕΣΕΙΣ ΔΗΜΟΤ.ΚΩΝ ΚΑΙ ΚΟΙΝΟΤΙΚΩΝ ΥΠΑΛΛΗΛΩΝ
ΑΘΗΝΑΙ, 27. — Ἐνεκρίθησαν αἱ μεταθέσεις δημοτικῶν καὶ κοινοτικῶν ὑπαλλήλων, ἐκ τῆς περιφερείας Θεσσαλονίκης εἰς ἄλλας περιοχάς.
ΑΘΗΝΑΙ, 27. — Ἐνεκρίθησαν αἱ μεταθέσεις δημοτικῶν καὶ κοινοτικῶν ὑπαλλήλων, ἐκ τῆς περιφερείας Θεσσαλονίκης εἰς ἄλλας περιοχάς.
ΑΘΗΝΑΙ, 27. — Ἐνεκρίθησαν αἱ μεταθέσεις δημοτικῶν καὶ κοινοτικῶν ὑπαλλήλων, ἐκ τῆς περιφερείας Θεσσαλονίκης εἰς ἄλλας περιοχάς.
Η «ΝΤΕΡ» ΚΑΤΕΚΤΗΣΕ ΤΟ ΚΥΠΕΛΛΟΝ ΠΡΩΤΑΘΛΗΤΡΙΩΝ
ΣΥΝΕΧΕΙΑ ΕΚ ΤΗΣ 1ης ΣΕΛΙΔΟΣ. Ἡ Ἴντερ τοῦ Μιλάνου κατέκτησε τὸ κύπελλον πρωταθλητριῶν Εὐρώπης, νικήσασα εἰς τὸν τελικὸν τὴν Ρεάλ Μαδρίτης μὲ 3 – 1.
ΣΥΝΕΧΕΙΑ ΕΚ ΤΗΣ 1ης ΣΕΛΙΔΟΣ. Ἡ Ἴντερ τοῦ Μιλάνου κατέκτησε τὸ κύπελλον πρωταθλητριῶν Εὐρώπης, νικήσασα εἰς τὸν τελικὸν τὴν Ρεάλ Μαδρίτης μὲ 3 – 1.
ΣΥΝΕΧΕΙΑ ΕΚ ΤΗΣ 1ης ΣΕΛΙΔΟΣ. Ἡ Ἴντερ τοῦ Μιλάνου κατέκτησε τὸ κύπελλον πρωταθλητριῶν Εὐρώπης, νικήσασα εἰς τὸν τελικὸν τὴν Ρεάλ Μαδρίτης μὲ 3 – 1.
ΜΙΚΡΑΙ ΕΞΩΤΕΡΙΚΑΙ ΕΙΔΗΣΕΙΣ ΧΩΡΙΣ ΤΙΤΛΟΝ
Ὁ ὑφυπουργὸς κ. Λαγκάκος ἀνεχώρησε διὰ τὸ Λονδῖνον. — Ἡ Ἑλλάς θὰ ἐκπροσωπηθῆ εἰς τὴν διεθνῆ συνδιάσκεψιν ἐργασίας. — Ἀφίχθη εἰς Ἀθήνας ἡ ἀντιπροσωπεία τῆς Ἰταλίας.
Ὁ ὑφυπουργὸς κ. Λαγκάκος ἀνεχώρησε διὰ τὸ Λονδῖνον. — Ἡ Ἑλλάς θὰ ἐκπροσωπηθῆ εἰς τὴν διεθνῆ συνδιάσκεψιν ἐργασίας. — Ἀφίχθη εἰς Ἀθήνας ἡ ἀντιπροσωπεία τῆς Ἰταλίας.
Ὁ ὑφυπουργὸς κ. Λαγκάκος ἀνεχώρησε διὰ τὸ Λονδῖνον. — Ἡ Ἑλλάς θὰ ἐκπροσωπηθῆ εἰς τὴν διεθνῆ συνδιάσκεψιν ἐργασίας. — Ἀφίχθη εἰς Ἀθήνας ἡ ἀντιπροσωπεία τῆς Ἰταλίας.
